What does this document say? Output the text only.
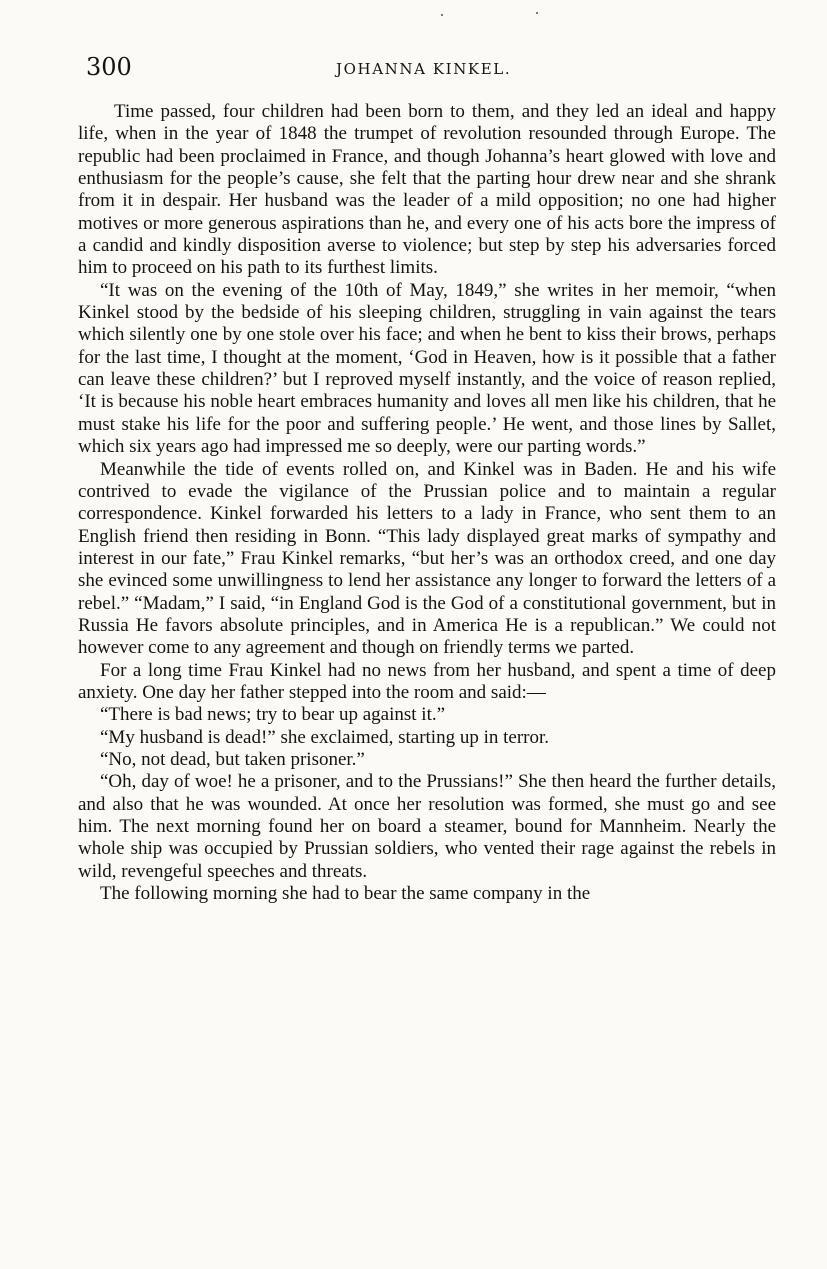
300	JOHANNA KINKEL.

Time passed, four children had been born to them, and they led an ideal and happy life, when in the year of 1848 the trumpet of revolution resounded through Europe. The republic had been proclaimed in France, and though Johanna’s heart glowed with love and enthusiasm for the people’s cause, she felt that the parting hour drew near and she shrank from it in despair. Her husband was the leader of a mild opposition; no one had higher motives or more generous aspirations than he, and every one of his acts bore the impress of a candid and kindly disposition averse to violence; but step by step his adversaries forced him to proceed on his path to its furthest limits.

“It was on the evening of the 10th of May, 1849,” she writes in her memoir, “when Kinkel stood by the bedside of his sleeping children, struggling in vain against the tears which silently one by one stole over his face; and when he bent to kiss their brows, perhaps for the last time, I thought at the moment, ‘God in Heaven, how is it possible that a father can leave these children?’ but I reproved myself instantly, and the voice of reason replied, ‘It is because his noble heart embraces humanity and loves all men like his children, that he must stake his life for the poor and suffering people.’ He went, and those lines by Sallet, which six years ago had impressed me so deeply, were our parting words.”

Meanwhile the tide of events rolled on, and Kinkel was in Baden. He and his wife contrived to evade the vigilance of the Prussian police and to maintain a regular correspondence. Kinkel forwarded his letters to a lady in France, who sent them to an English friend then residing in Bonn. “This lady displayed great marks of sympathy and interest in our fate,” Frau Kinkel remarks, “but her’s was an orthodox creed, and one day she evinced some unwillingness to lend her assistance any longer to forward the letters of a rebel.” “Madam,” I said, “in England God is the God of a constitutional government, but in Russia He favors absolute principles, and in America He is a republican.” We could not however come to any agreement and though on friendly terms we parted.

For a long time Frau Kinkel had no news from her husband, and spent a time of deep anxiety. One day her father stepped into the room and said:—

“There is bad news; try to bear up against it.”

“My husband is dead!” she exclaimed, starting up in terror.

“No, not dead, but taken prisoner.”

“Oh, day of woe! he a prisoner, and to the Prussians!” She then heard the further details, and also that he was wounded. At once her resolution was formed, she must go and see him. The next morning found her on board a steamer, bound for Mannheim. Nearly the whole ship was occupied by Prussian soldiers, who vented their rage against the rebels in wild, revengeful speeches and threats.

The following morning she had to bear the same company in the
